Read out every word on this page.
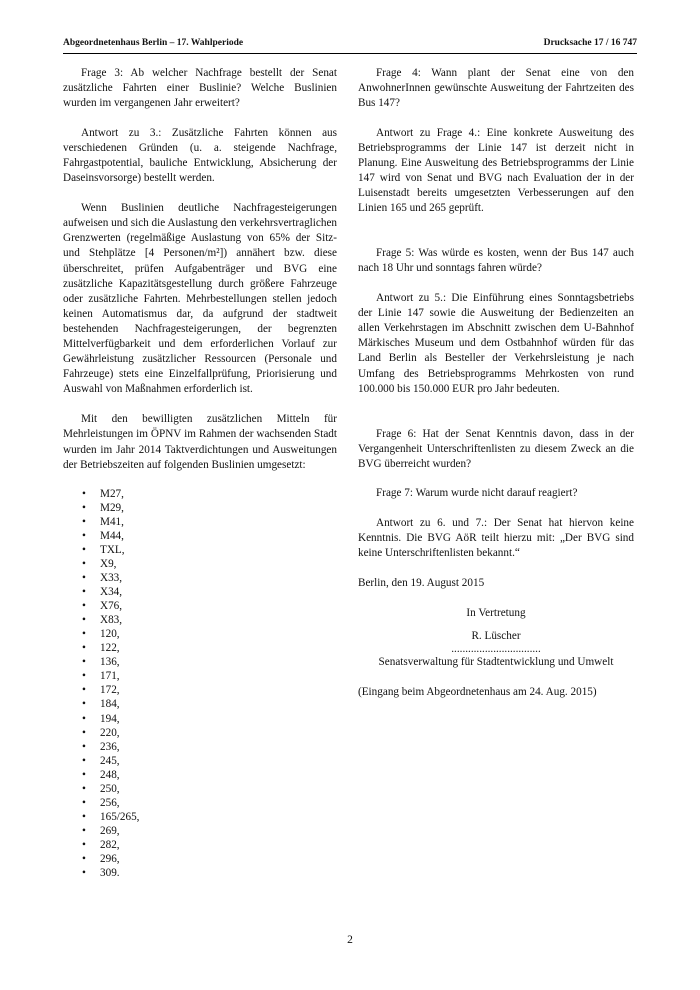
Abgeordnetenhaus Berlin – 17. Wahlperiode	Drucksache 17 / 16 747

Frage 3: Ab welcher Nachfrage bestellt der Senat zusätzliche Fahrten einer Buslinie? Welche Buslinien wurden im vergangenen Jahr erweitert?

Antwort zu 3.: Zusätzliche Fahrten können aus verschiedenen Gründen (u. a. steigende Nachfrage, Fahrgastpotential, bauliche Entwicklung, Absicherung der Daseinsvorsorge) bestellt werden.

Wenn Buslinien deutliche Nachfragesteigerungen aufweisen und sich die Auslastung den verkehrsvertraglichen Grenzwerten (regelmäßige Auslastung von 65% der Sitz- und Stehplätze [4 Personen/m²]) annähert bzw. diese überschreitet, prüfen Aufgabenträger und BVG eine zusätzliche Kapazitätsgestellung durch größere Fahrzeuge oder zusätzliche Fahrten. Mehrbestellungen stellen jedoch keinen Automatismus dar, da aufgrund der stadtweit bestehenden Nachfragesteigerungen, der begrenzten Mittelverfügbarkeit und dem erforderlichen Vorlauf zur Gewährleistung zusätzlicher Ressourcen (Personale und Fahrzeuge) stets eine Einzelfallprüfung, Priorisierung und Auswahl von Maßnahmen erforderlich ist.

Mit den bewilligten zusätzlichen Mitteln für Mehrleistungen im ÖPNV im Rahmen der wachsenden Stadt wurden im Jahr 2014 Taktverdichtungen und Ausweitungen der Betriebszeiten auf folgenden Buslinien umgesetzt:

• M27,
• M29,
• M41,
• M44,
• TXL,
• X9,
• X33,
• X34,
• X76,
• X83,
• 120,
• 122,
• 136,
• 171,
• 172,
• 184,
• 194,
• 220,
• 236,
• 245,
• 248,
• 250,
• 256,
• 165/265,
• 269,
• 282,
• 296,
• 309.

Frage 4: Wann plant der Senat eine von den AnwohnerInnen gewünschte Ausweitung der Fahrtzeiten des Bus 147?

Antwort zu Frage 4.: Eine konkrete Ausweitung des Betriebsprogramms der Linie 147 ist derzeit nicht in Planung. Eine Ausweitung des Betriebsprogramms der Linie 147 wird von Senat und BVG nach Evaluation der in der Luisenstadt bereits umgesetzten Verbesserungen auf den Linien 165 und 265 geprüft.

Frage 5: Was würde es kosten, wenn der Bus 147 auch nach 18 Uhr und sonntags fahren würde?

Antwort zu 5.: Die Einführung eines Sonntagsbetriebs der Linie 147 sowie die Ausweitung der Bedienzeiten an allen Verkehrstagen im Abschnitt zwischen dem U-Bahnhof Märkisches Museum und dem Ostbahnhof würden für das Land Berlin als Besteller der Verkehrsleistung je nach Umfang des Betriebsprogramms Mehrkosten von rund 100.000 bis 150.000 EUR pro Jahr bedeuten.

Frage 6: Hat der Senat Kenntnis davon, dass in der Vergangenheit Unterschriftenlisten zu diesem Zweck an die BVG überreicht wurden?

Frage 7: Warum wurde nicht darauf reagiert?

Antwort zu 6. und 7.: Der Senat hat hiervon keine Kenntnis. Die BVG AöR teilt hierzu mit: „Der BVG sind keine Unterschriftenlisten bekannt.“

Berlin, den 19. August 2015

In Vertretung

R. Lüscher

................................

Senatsverwaltung für Stadtentwicklung und Umwelt

(Eingang beim Abgeordnetenhaus am 24. Aug. 2015)

2
